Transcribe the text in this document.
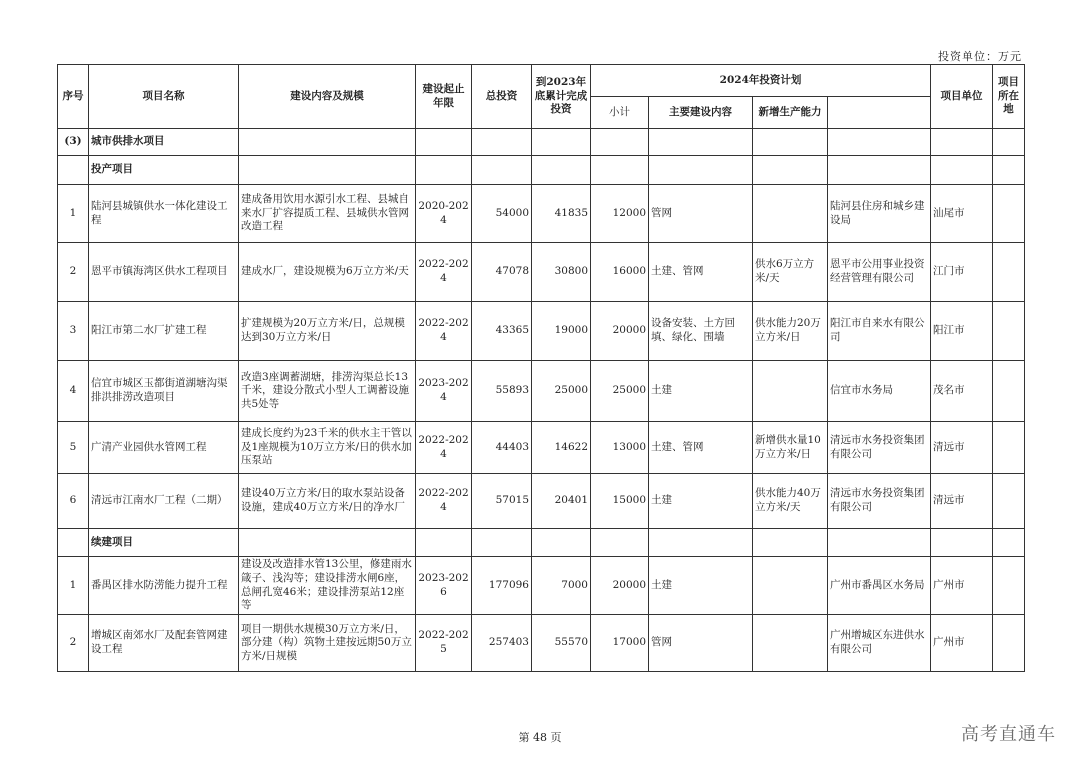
投资单位：万元
序号	项目名称	建设内容及规模	建设起止年限	总投资	到2023年底累计完成投资	2024年投资计划				项目单位	项目所在地	
						小计	主要建设内容	新增生产能力				
(3)	城市供排水项目											
	投产项目											
1	陆河县城镇供水一体化建设工程	建成备用饮用水源引水工程、县城自来水厂扩容提质工程、县城供水管网改造工程	2020-2024	54000	41835	12000	管网		陆河县住房和城乡建设局	汕尾市		
2	恩平市镇海湾区供水工程项目	建成水厂，建设规模为6万立方米/天	2022-2024	47078	30800	16000	土建、管网	供水6万立方米/天	恩平市公用事业投资经营管理有限公司	江门市		
3	阳江市第二水厂扩建工程	扩建规模为20万立方米/日，总规模达到30万立方米/日	2022-2024	43365	19000	20000	设备安装、土方回填、绿化、围墙	供水能力20万立方米/日	阳江市自来水有限公司	阳江市		
4	信宜市城区玉都街道湖塘沟渠排洪排涝改造项目	改造3座调蓄湖塘，排涝沟渠总长13千米，建设分散式小型人工调蓄设施共5处等	2023-2024	55893	25000	25000	土建		信宜市水务局	茂名市		
5	广清产业园供水管网工程	建成长度约为23千米的供水主干管以及1座规模为10万立方米/日的供水加压泵站	2022-2024	44403	14622	13000	土建、管网	新增供水量10万立方米/日	清远市水务投资集团有限公司	清远市		
6	清远市江南水厂工程（二期）	建设40万立方米/日的取水泵站设备设施，建成40万立方米/日的净水厂	2022-2024	57015	20401	15000	土建	供水能力40万立方米/天	清远市水务投资集团有限公司	清远市		
	续建项目											
1	番禺区排水防涝能力提升工程	建设及改造排水管13公里，修建雨水箴子、浅沟等；建设排涝水闸6座，总闸孔宽46米；建设排涝泵站12座等	2023-2026	177096	7000	20000	土建		广州市番禺区水务局	广州市		
2	增城区南郊水厂及配套管网建设工程	项目一期供水规模30万立方米/日，部分建（构）筑物土建按远期50万立方米/日规模	2022-2025	257403	55570	17000	管网		广州增城区东进供水有限公司	广州市		
第 48 页	高考直通车
